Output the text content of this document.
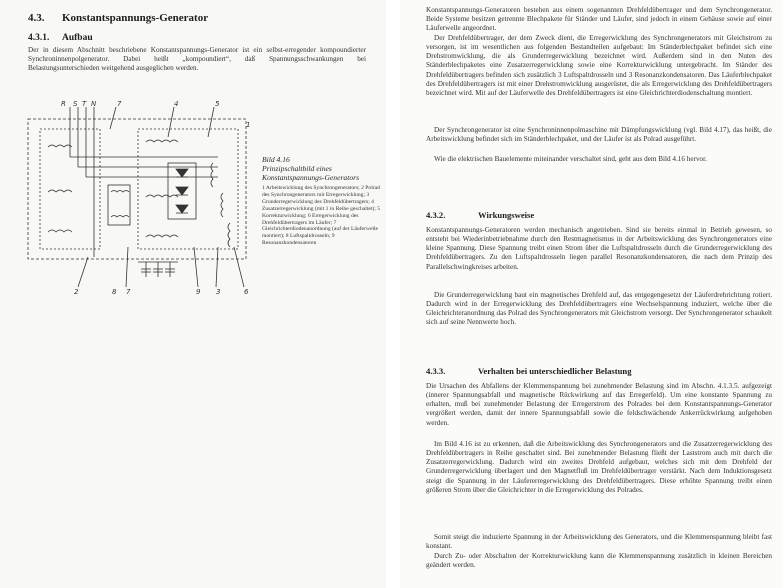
4.3. Konstantspannungs-Generator
4.3.1. Aufbau

Der in diesem Abschnitt beschriebene Konstantspannungs-Generator ist ein selbst-erregender kompoundierter Synchroninnenpolgenerator. Dabei heißt „kompoundiert“, daß Spannungsschwankungen bei Belastungsunterschieden weitgehend ausgeglichen werden.

R S T N	7	4	5
1
2	8 7	9 3	6

Bild 4.16

Prinzipschaltbild eines Konstantspannungs-Generators

1 Arbeitswicklung des Synchrongenerators; 2 Polrad des Synchrongenerators mit Erregerwicklung; 3 Grunderregerwicklung des Drehfeldübertragers; 4 Zusatzerregerwicklung (mit 1 in Reihe geschaltet); 5 Korrekturwicklung; 6 Erregerwicklung des Drehfeldübertragers im Läufer; 7 Gleichrichterdiodenanordnung (auf der Läuferwelle montiert); 8 Luftspaltdrosseln; 9 Resonanzkondensatoren

Konstantspannungs-Generatoren bestehen aus einem sogenannten Drehfeldübertrager und dem Synchrongenerator. Beide Systeme besitzen getrennte Blechpakete für Ständer und Läufer, sind jedoch in einem Gehäuse sowie auf einer Läuferwelle angeordnet.

Der Drehfeldübertrager, der dem Zweck dient, die Erregerwicklung des Synchrongenerators mit Gleichstrom zu versorgen, ist im wesentlichen aus folgenden Bestandteilen aufgebaut: Im Ständerblechpaket befindet sich eine Drehstromwicklung, die als Grunderregerwicklung bezeichnet wird. Außerdem sind in den Nuten des Ständerblechpaketes eine Zusatzerregerwicklung sowie eine Korrekturwicklung untergebracht. Im Ständer des Drehfeldübertragers befinden sich zusätzlich 3 Luftspaltdrosseln und 3 Resonanzkondensatoren. Das Läuferblechpaket des Drehfeldübertragers ist mit einer Drehstromwicklung ausgerüstet, die als Erregerwicklung des Drehfeldübertragers bezeichnet wird. Mit auf der Läuferwelle des Drehfeldübertragers ist eine Gleichrichterdiodenschaltung montiert.

Der Synchrongenerator ist eine Synchroninnenpolmaschine mit Dämpfungswicklung (vgl. Bild 4.17), das heißt, die Arbeitswicklung befindet sich im Ständerblechpaket, und der Läufer ist als Polrad ausgeführt.

Wie die elektrischen Bauelemente miteinander verschaltet sind, geht aus dem Bild 4.16 hervor.

4.3.2.	Wirkungsweise

Konstantspannungs-Generatoren werden mechanisch angetrieben. Sind sie bereits einmal in Betrieb gewesen, so entsteht bei Wiederinbetriebnahme durch den Restmagnetismus in der Arbeitswicklung des Synchrongenerators eine kleine Spannung. Diese Spannung treibt einen Strom über die Luftspaltdrosseln durch die Grunderregerwicklung des Drehfeldübertragers. Zu den Luftspaltdrosseln liegen parallel Resonanzkondensatoren, die nach dem Prinzip des Parallelschwingkreises arbeiten.

Die Grunderregerwicklung baut ein magnetisches Drehfeld auf, das entgegengesetzt der Läuferdrehrichtung rotiert. Dadurch wird in der Erregerwicklung des Drehfeldübertragers eine Wechselspannung induziert, welche über die Gleichrichteranordnung das Polrad des Synchrongenerators mit Gleichstrom versorgt. Der Synchrongenerator schaukelt sich auf seine Nennwerte hoch.

4.3.3.	Verhalten bei unterschiedlicher Belastung

Die Ursachen des Abfallens der Klemmenspannung bei zunehmender Belastung sind im Abschn. 4.1.3.5. aufgezeigt (innerer Spannungsabfall und magnetische Rückwirkung auf das Erregerfeld). Um eine konstante Spannung zu erhalten, muß bei zunehmender Belastung der Erregerstrom des Polrades bei dem Konstantspannungs-Generator vergrößert werden, damit der innere Spannungsabfall sowie die feldschwächende Ankerrückwirkung aufgehoben werden.

Im Bild 4.16 ist zu erkennen, daß die Arbeitswicklung des Synchrongenerators und die Zusatzerregerwicklung des Drehfeldübertragers in Reihe geschaltet sind. Bei zunehmender Belastung fließt der Laststrom auch mit durch die Zusatzerregerwicklung. Dadurch wird ein zweites Drehfeld aufgebaut, welches sich mit dem Drehfeld der Grunderregerwicklung überlagert und den Magnetfluß im Drehfeldübertrager verstärkt. Nach dem Induktionsgesetz steigt die Spannung in der Läufererregerwicklung des Drehfeldübertragers. Diese erhöhte Spannung treibt einen größeren Strom über die Gleichrichter in die Erregerwicklung des Polrades.

Somit steigt die induzierte Spannung in der Arbeitswicklung des Generators, und die Klemmenspannung bleibt fast konstant.

Durch Zu- oder Abschalten der Korrekturwicklung kann die Klemmenspannung zusätzlich in kleinen Bereichen geändert werden.
